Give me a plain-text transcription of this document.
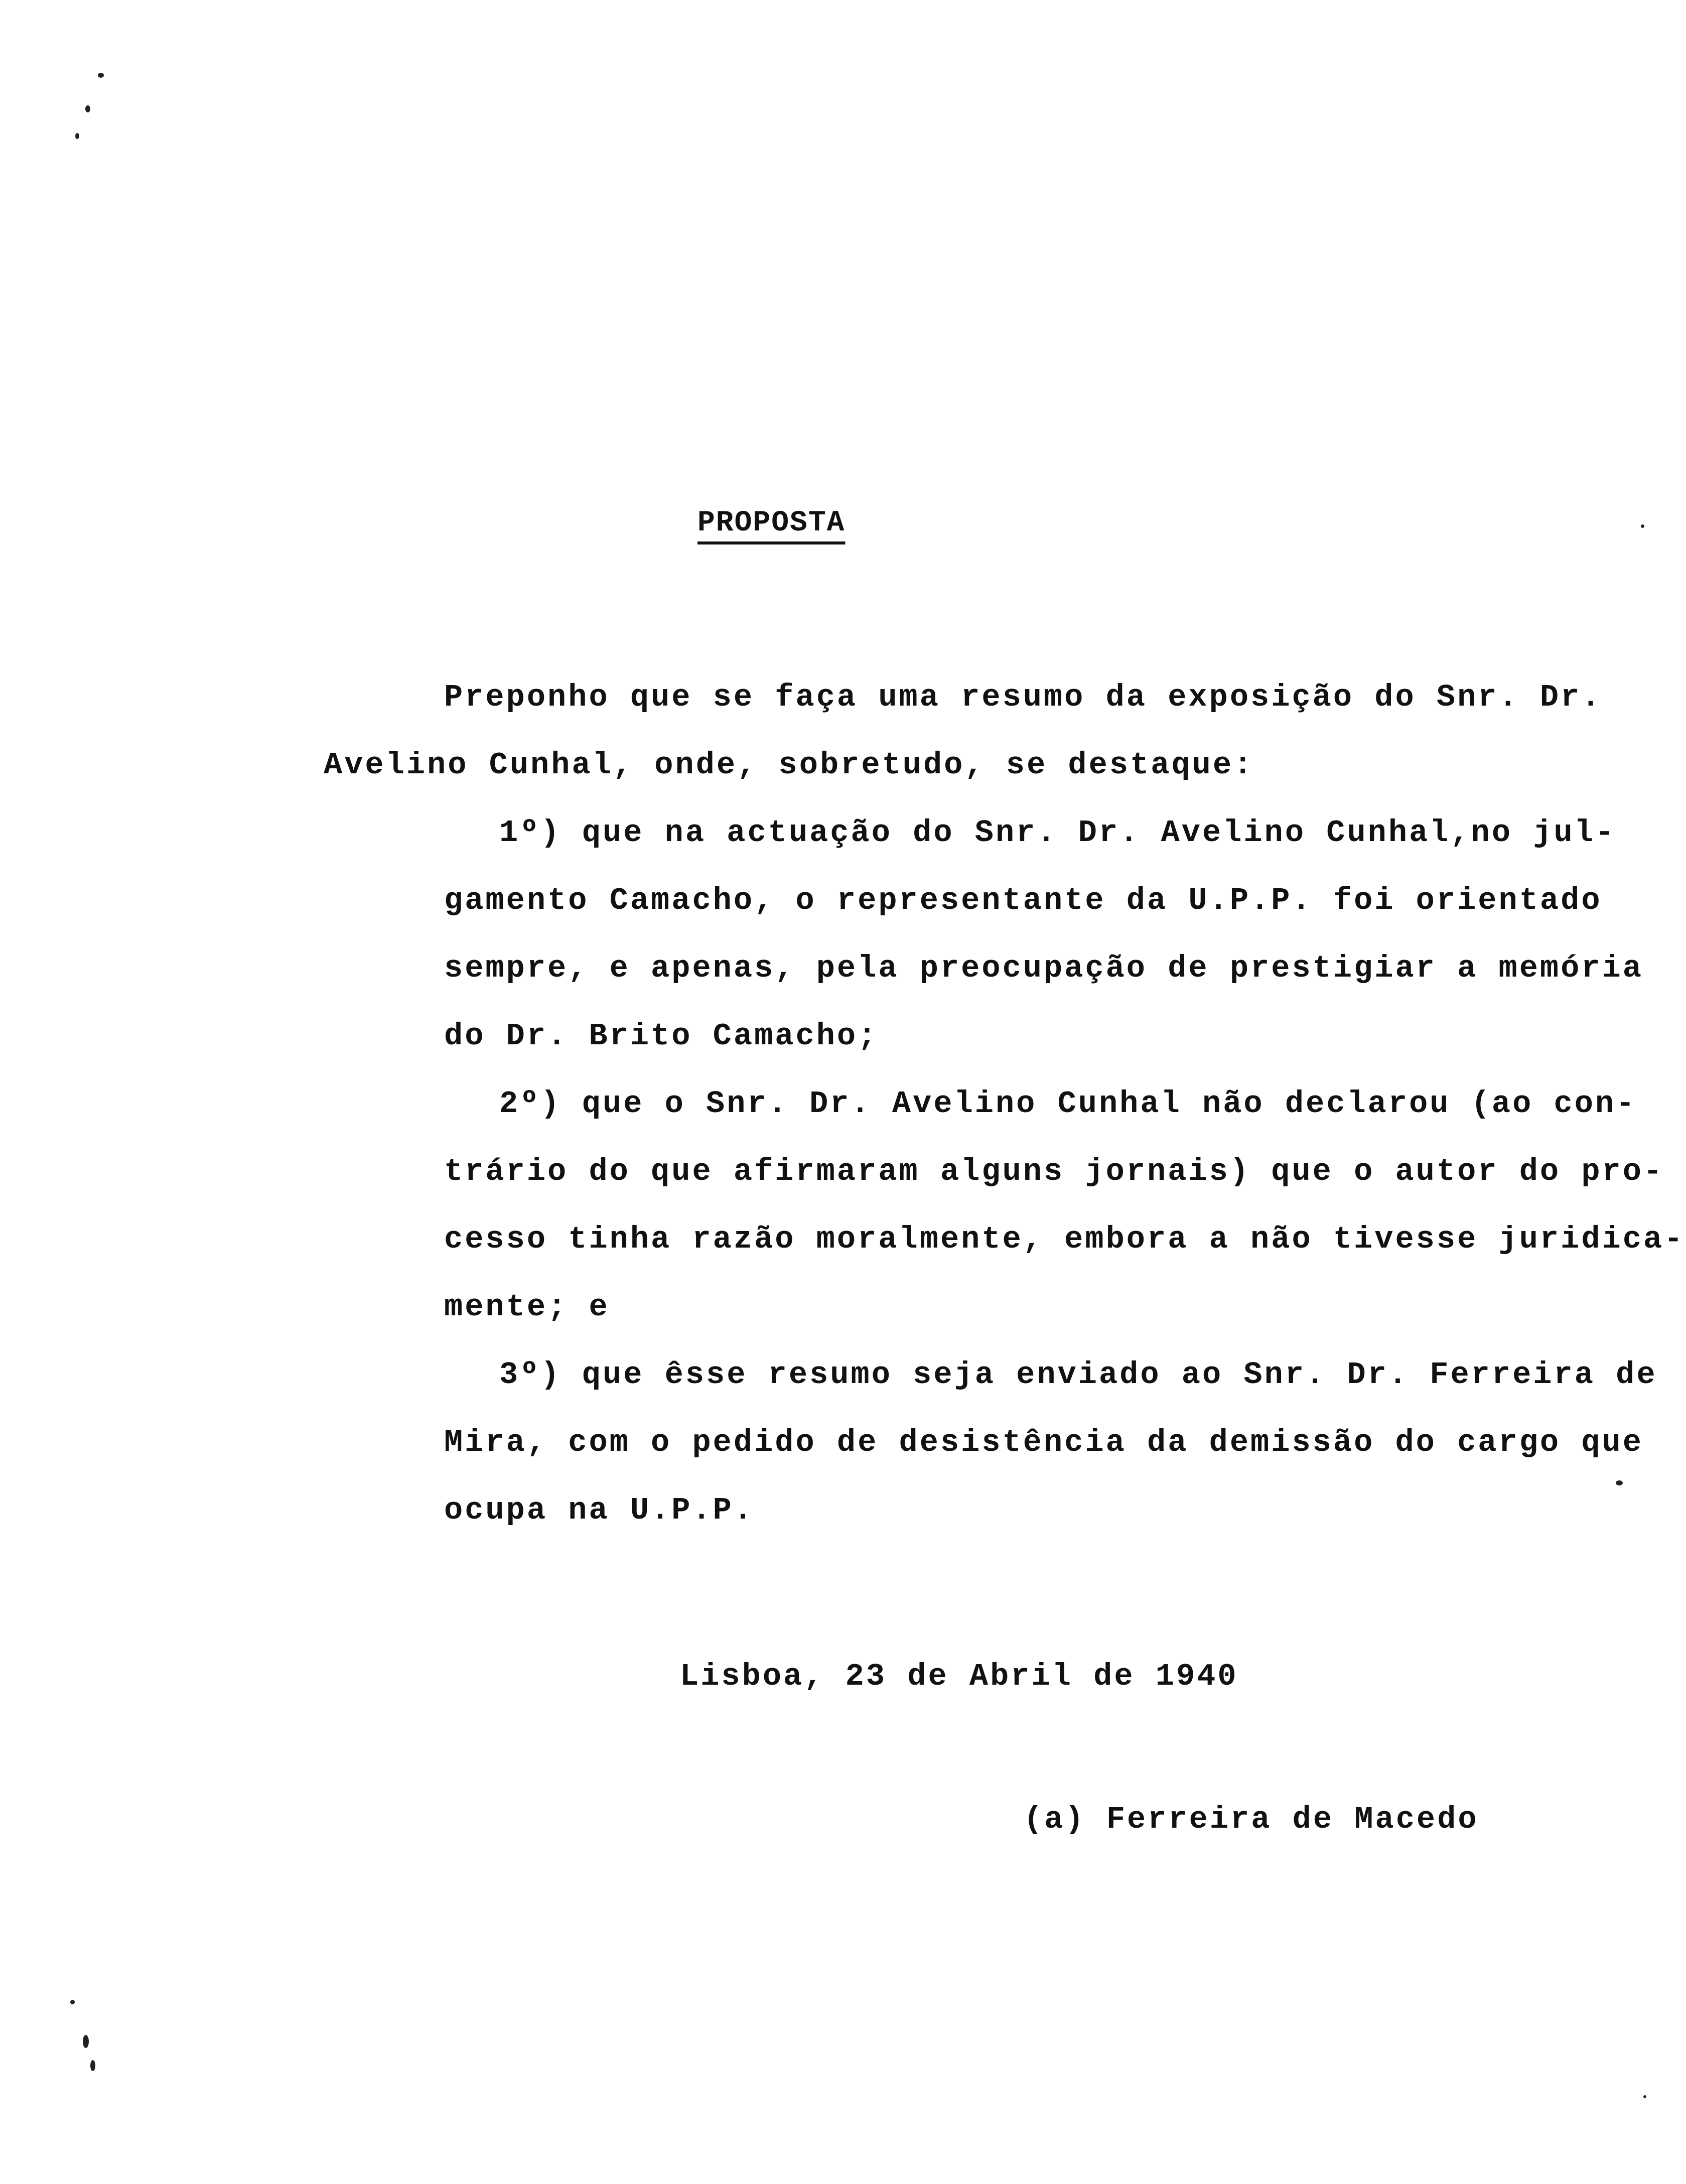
PROPOSTA
Preponho que se faça uma resumo da exposição do Snr. Dr.
Avelino Cunhal, onde, sobretudo, se destaque:
1º) que na actuação do Snr. Dr. Avelino Cunhal,no jul-
gamento Camacho, o representante da U.P.P. foi orientado
sempre, e apenas, pela preocupação de prestigiar a memória
do Dr. Brito Camacho;
2º) que o Snr. Dr. Avelino Cunhal não declarou (ao con-
trário do que afirmaram alguns jornais) que o autor do pro-
cesso tinha razão moralmente, embora a não tivesse juridica-
mente; e
3º) que êsse resumo seja enviado ao Snr. Dr. Ferreira de
Mira, com o pedido de desistência da demissão do cargo que
ocupa na U.P.P.
Lisboa, 23 de Abril de 1940
(a) Ferreira de Macedo
